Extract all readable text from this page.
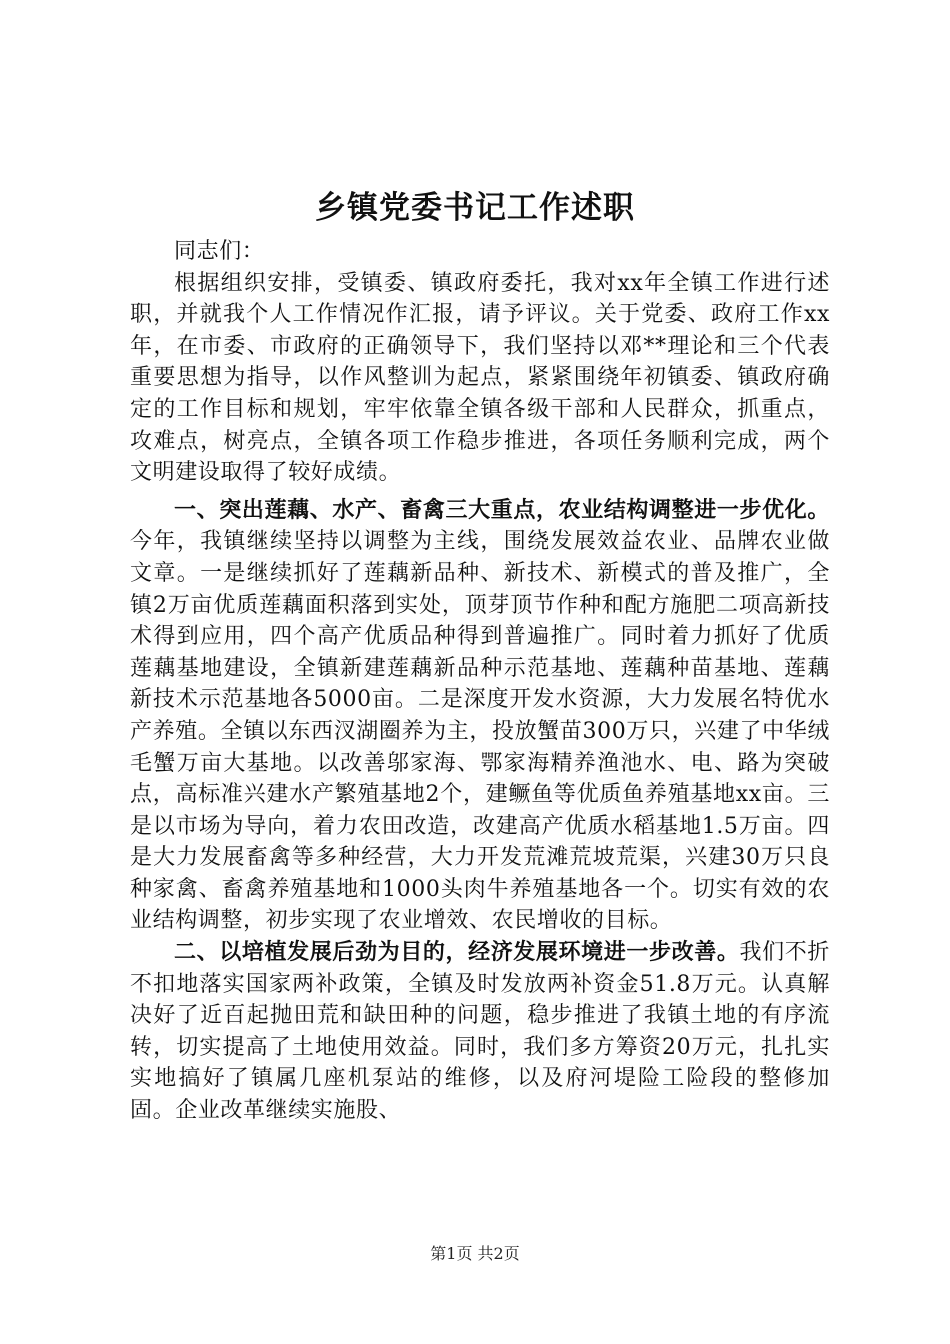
乡镇党委书记工作述职

同志们：

根据组织安排，受镇委、镇政府委托，我对xx年全镇工作进行述职，并就我个人工作情况作汇报，请予评议。关于党委、政府工作xx年，在市委、市政府的正确领导下，我们坚持以邓**理论和三个代表重要思想为指导，以作风整训为起点，紧紧围绕年初镇委、镇政府确定的工作目标和规划，牢牢依靠全镇各级干部和人民群众，抓重点，攻难点，树亮点，全镇各项工作稳步推进，各项任务顺利完成，两个文明建设取得了较好成绩。

一、突出莲藕、水产、畜禽三大重点，农业结构调整进一步优化。今年，我镇继续坚持以调整为主线，围绕发展效益农业、品牌农业做文章。一是继续抓好了莲藕新品种、新技术、新模式的普及推广，全镇2万亩优质莲藕面积落到实处，顶芽顶节作种和配方施肥二项高新技术得到应用，四个高产优质品种得到普遍推广。同时着力抓好了优质莲藕基地建设，全镇新建莲藕新品种示范基地、莲藕种苗基地、莲藕新技术示范基地各5000亩。二是深度开发水资源，大力发展名特优水产养殖。全镇以东西汊湖圈养为主，投放蟹苗300万只，兴建了中华绒毛蟹万亩大基地。以改善邬家海、鄂家海精养渔池水、电、路为突破点，高标准兴建水产繁殖基地2个，建鳜鱼等优质鱼养殖基地xx亩。三是以市场为导向，着力农田改造，改建高产优质水稻基地1.5万亩。四是大力发展畜禽等多种经营，大力开发荒滩荒坡荒渠，兴建30万只良种家禽、畜禽养殖基地和1000头肉牛养殖基地各一个。切实有效的农业结构调整，初步实现了农业增效、农民增收的目标。

二、以培植发展后劲为目的，经济发展环境进一步改善。我们不折不扣地落实国家两补政策，全镇及时发放两补资金51.8万元。认真解决好了近百起抛田荒和缺田种的问题，稳步推进了我镇土地的有序流转，切实提高了土地使用效益。同时，我们多方筹资20万元，扎扎实实地搞好了镇属几座机泵站的维修，以及府河堤险工险段的整修加固。企业改革继续实施股、

第1页 共2页
